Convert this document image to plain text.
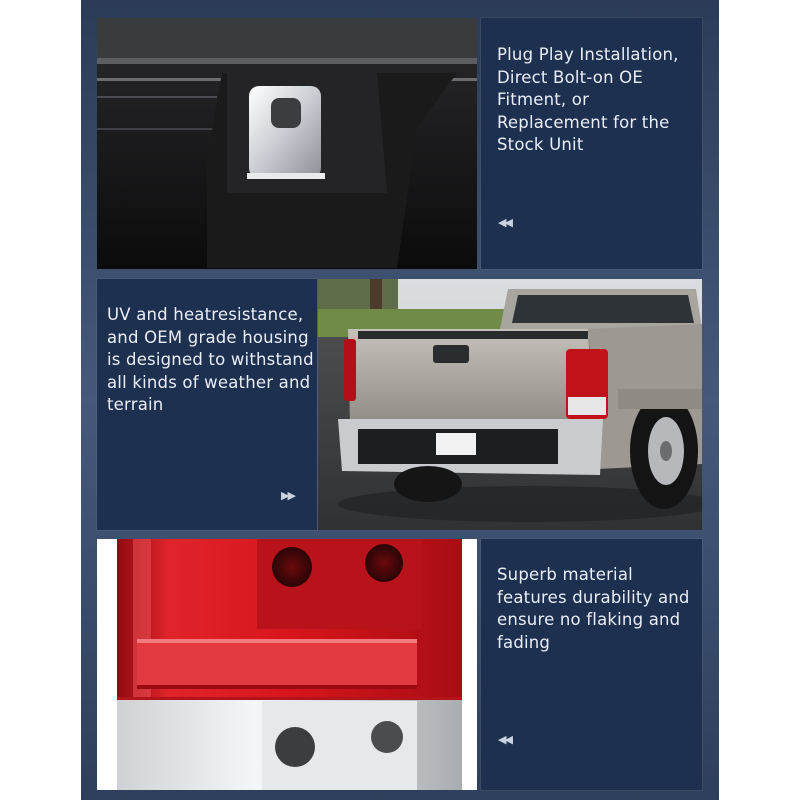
Plug Play Installation, Direct Bolt-on OE Fitment, or Replacement for the Stock Unit
◀◀
UV and heatresistance, and OEM grade housing is designed to withstand all kinds of weather and terrain
▶▶
Superb material features durability and ensure no flaking and fading
◀◀
